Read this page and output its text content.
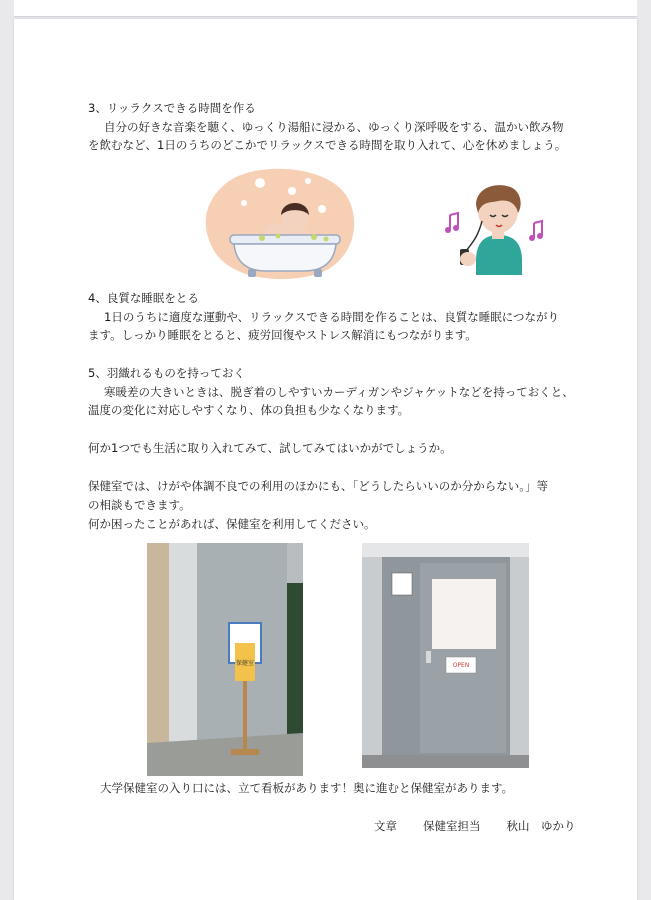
3、リッラクスできる時間を作る
自分の好きな音楽を聴く、ゆっくり湯船に浸かる、ゆっくり深呼吸をする、温かい飲み物
を飲むなど、1日のうちのどこかでリラックスできる時間を取り入れて、心を休めましょう。
4、良質な睡眠をとる
1日のうちに適度な運動や、リラックスできる時間を作ることは、良質な睡眠につながり
ます。しっかり睡眠をとると、疲労回復やストレス解消にもつながります。
5、羽織れるものを持っておく
寒暖差の大きいときは、脱ぎ着のしやすいカーディガンやジャケットなどを持っておくと、
温度の変化に対応しやすくなり、体の負担も少なくなります。
何か1つでも生活に取り入れてみて、試してみてはいかがでしょうか。
保健室では、けがや体調不良での利用のほかにも、「どうしたらいいのか分からない。」等
の相談もできます。
何か困ったことがあれば、保健室を利用してください。
保健室	OPEN
大学保健室の入り口には、立て看板があります！奥に進むと保健室があります。
文章 保健室担当 秋山　ゆかり
